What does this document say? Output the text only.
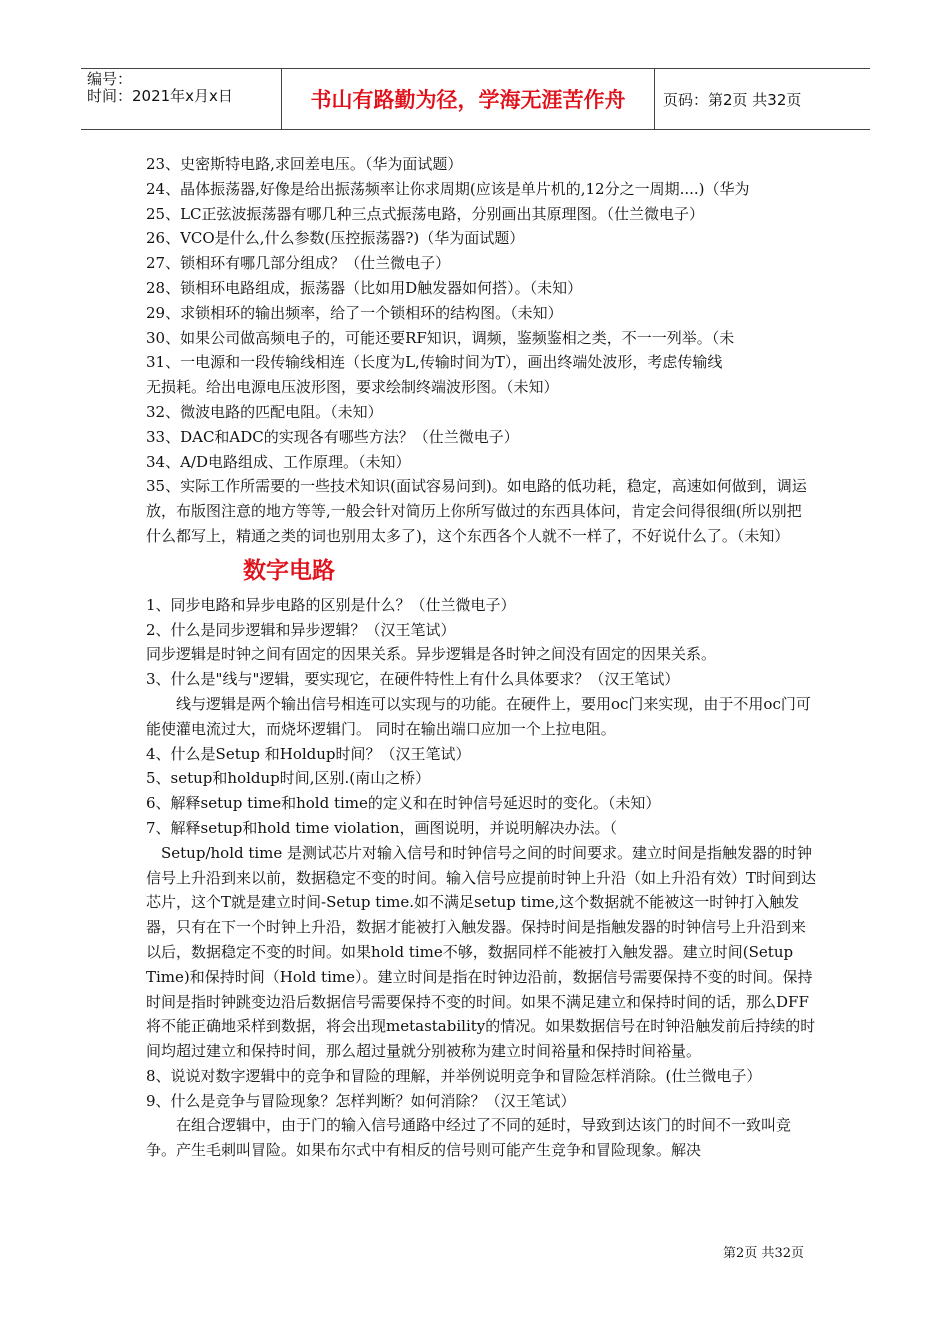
编号：
时间：2021年x月x日	书山有路勤为径，学海无涯苦作舟	页码：第2页 共32页

23、史密斯特电路,求回差电压。（华为面试题）

24、晶体振荡器,好像是给出振荡频率让你求周期(应该是单片机的,12分之一周期....)（华为

25、LC正弦波振荡器有哪几种三点式振荡电路，分别画出其原理图。（仕兰微电子）

26、VCO是什么,什么参数(压控振荡器?)（华为面试题）

27、锁相环有哪几部分组成？（仕兰微电子）

28、锁相环电路组成，振荡器（比如用D触发器如何搭）。（未知）

29、求锁相环的输出频率，给了一个锁相环的结构图。（未知）

30、如果公司做高频电子的，可能还要RF知识，调频，鉴频鉴相之类，不一一列举。（未

31、一电源和一段传输线相连（长度为L,传输时间为T），画出终端处波形，考虑传输线

无损耗。给出电源电压波形图，要求绘制终端波形图。（未知）

32、微波电路的匹配电阻。（未知）

33、DAC和ADC的实现各有哪些方法？（仕兰微电子）

34、A/D电路组成、工作原理。（未知）

35、实际工作所需要的一些技术知识(面试容易问到)。如电路的低功耗，稳定，高速如何做到，调运放，布版图注意的地方等等,一般会针对简历上你所写做过的东西具体问，肯定会问得很细(所以别把什么都写上，精通之类的词也别用太多了)，这个东西各个人就不一样了，不好说什么了。（未知）

数字电路

1、同步电路和异步电路的区别是什么？（仕兰微电子）

2、什么是同步逻辑和异步逻辑？（汉王笔试）

同步逻辑是时钟之间有固定的因果关系。异步逻辑是各时钟之间没有固定的因果关系。

3、什么是"线与"逻辑，要实现它，在硬件特性上有什么具体要求？（汉王笔试）

线与逻辑是两个输出信号相连可以实现与的功能。在硬件上，要用oc门来实现，由于不用oc门可能使灌电流过大，而烧坏逻辑门。 同时在输出端口应加一个上拉电阻。

4、什么是Setup 和Holdup时间？（汉王笔试）

5、setup和holdup时间,区别.(南山之桥）

6、解释setup time和hold time的定义和在时钟信号延迟时的变化。（未知）

7、解释setup和hold time violation，画图说明，并说明解决办法。（

Setup/hold time 是测试芯片对输入信号和时钟信号之间的时间要求。建立时间是指触发器的时钟信号上升沿到来以前，数据稳定不变的时间。输入信号应提前时钟上升沿（如上升沿有效）T时间到达芯片，这个T就是建立时间-Setup time.如不满足setup time,这个数据就不能被这一时钟打入触发器，只有在下一个时钟上升沿，数据才能被打入触发器。保持时间是指触发器的时钟信号上升沿到来以后，数据稳定不变的时间。如果hold time不够，数据同样不能被打入触发器。建立时间(Setup Time)和保持时间（Hold time）。建立时间是指在时钟边沿前，数据信号需要保持不变的时间。保持时间是指时钟跳变边沿后数据信号需要保持不变的时间。如果不满足建立和保持时间的话，那么DFF将不能正确地采样到数据，将会出现metastability的情况。如果数据信号在时钟沿触发前后持续的时间均超过建立和保持时间，那么超过量就分别被称为建立时间裕量和保持时间裕量。

8、说说对数字逻辑中的竞争和冒险的理解，并举例说明竞争和冒险怎样消除。(仕兰微电子）

9、什么是竞争与冒险现象？怎样判断？如何消除？（汉王笔试）

在组合逻辑中，由于门的输入信号通路中经过了不同的延时，导致到达该门的时间不一致叫竞争。产生毛刺叫冒险。如果布尔式中有相反的信号则可能产生竞争和冒险现象。解决

第2页 共32页
